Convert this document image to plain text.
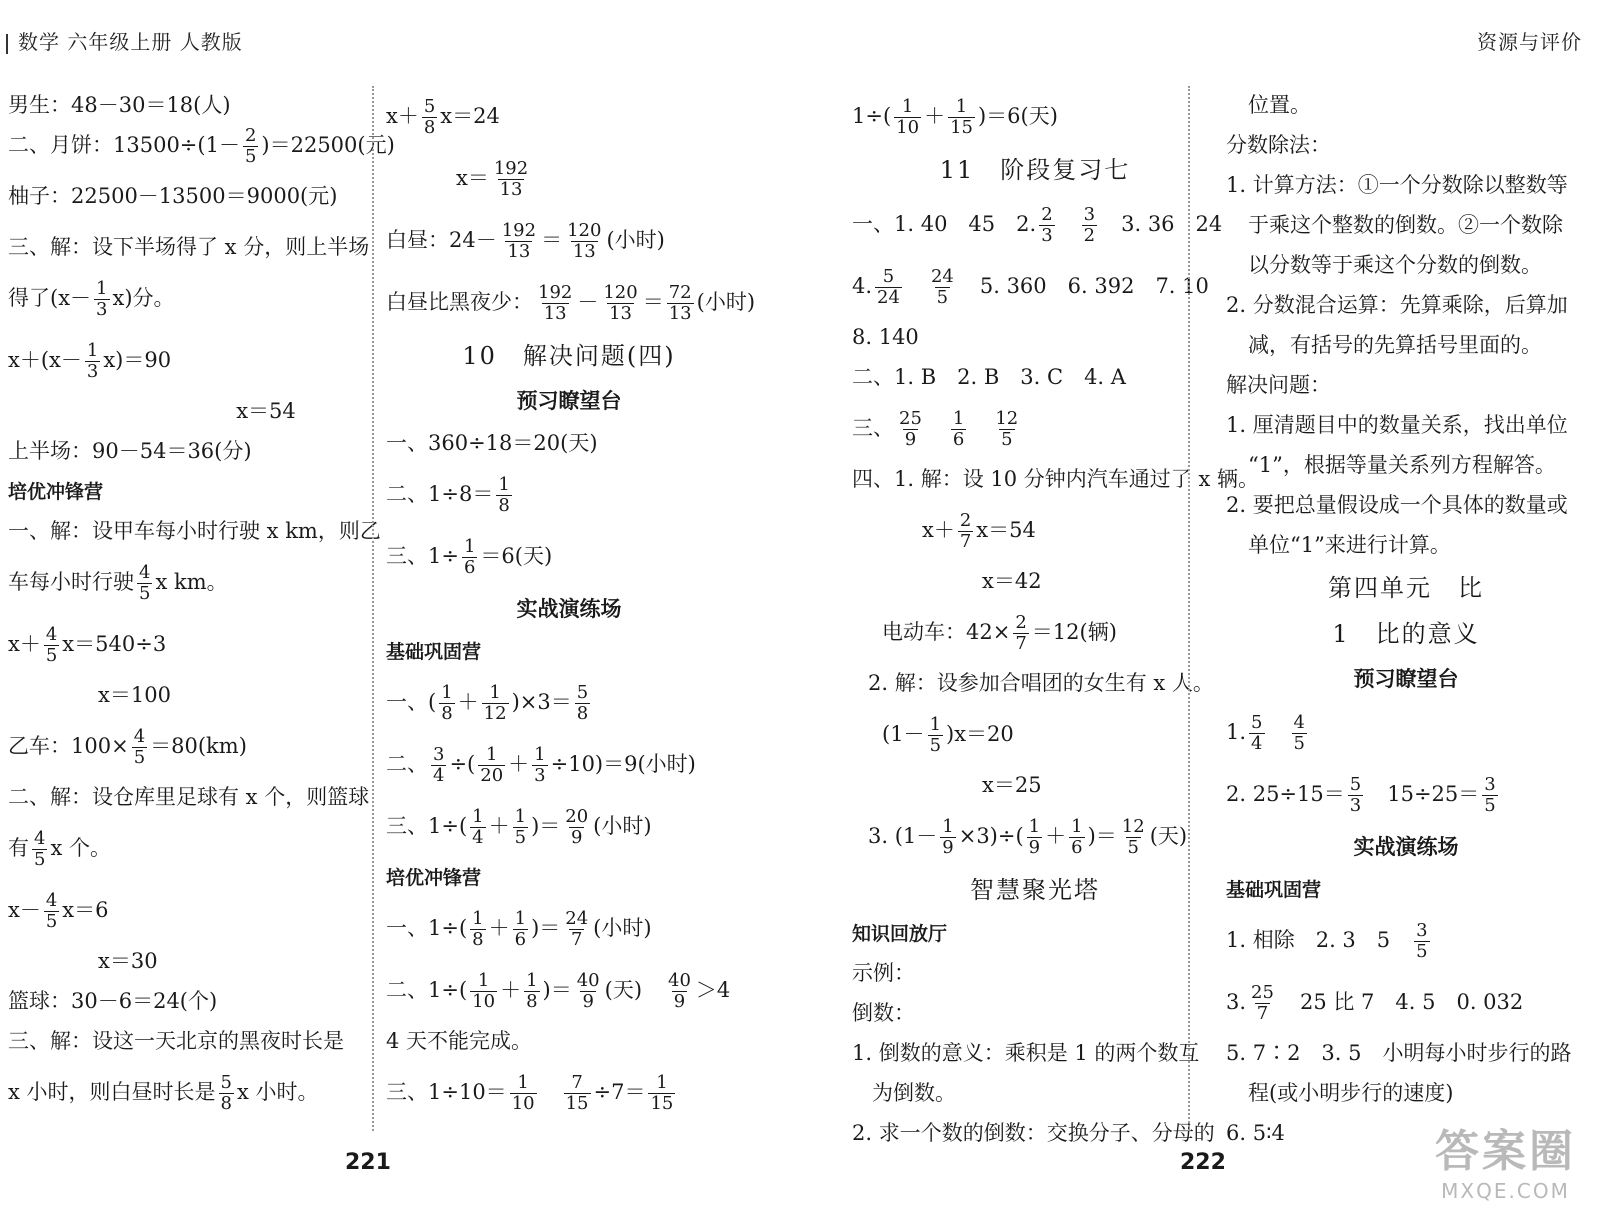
数学 六年级上册 人教版	资源与评价
男生：48－30＝18(人)
二、月饼：$13500\div(1- \frac{2}{5} )=22500$(元)
柚子：22500－13500＝9000(元)
三、解：设下半场得了 x 分，则上半场
得了$(x- \frac{1}{3} x)$分。
$x+(x- \frac{1}{3} x)=90$
x＝54
上半场：90－54＝36(分)
培优冲锋营
一、解：设甲车每小时行驶 x km，则乙
车每小时行驶 $\frac{4}{5}$ x km。
$x+ \frac{4}{5} x=540\div 3$
x＝100
乙车：$100\times \frac{4}{5} =80(km)$
二、解：设仓库里足球有 x 个，则篮球
有 $\frac{4}{5}$ x 个。
$x- \frac{4}{5} x=6$
x＝30
篮球：30－6＝24(个)
三、解：设这一天北京的黑夜时长是
x 小时，则白昼时长是 $\frac{5}{8}$ x 小时。
$x+ \frac{5}{8} x=24$
$x= \frac{192}{13}$
白昼：$24- \frac{192}{13} = \frac{120}{13}$ (小时)
白昼比黑夜少： $\frac{192}{13} - \frac{120}{13} = \frac{72}{13}$ (小时)
10　解决问题(四)
预习瞭望台
一、360÷18＝20(天)
二、$1\div 8= \frac{1}{8}$
三、$1\div \frac{1}{6} =6$(天)
实战演练场
基础巩固营
一、( $\frac{1}{8} + \frac{1}{12} )\times 3= \frac{5}{8}$
二、 $\frac{3}{4}$ ÷( $\frac{1}{20} + \frac{1}{3} \div 10)=9$(小时)
三、$1\div( \frac{1}{4} + \frac{1}{5}$ )＝ $\frac{20}{9}$ (小时)
培优冲锋营
一、$1\div( \frac{1}{8} + \frac{1}{6}$ )＝ $\frac{24}{7}$ (小时)
二、$1\div( \frac{1}{10} + \frac{1}{8}$ )＝ $\frac{40}{9}$ (天)　 $\frac{40}{9} >4$
4 天不能完成。
三、$1\div 10= \frac{1}{10}$
　 $\frac{7}{15} \div 7= \frac{1}{15}$
$1\div( \frac{1}{10} + \frac{1}{15} )=6$(天)
11　阶段复习七
一、1. 40　45　2. $\frac{2}{3}$
　 $\frac{3}{2}$ 　3. 36　24
4. $\frac{5}{24}$
　 $\frac{24}{5}$ 　5. 360　6. 392　7. 10
8. 140
二、1. B　2. B　3. C　4. A
三、 $\frac{25}{9}$
　 $\frac{1}{6}$
　 $\frac{12}{5}$
四、1. 解：设 10 分钟内汽车通过了 x 辆。
$x+ \frac{2}{7} x=54$
x＝42
电动车：$42\times \frac{2}{7} =12$(辆)
2. 解：设参加合唱团的女生有 x 人。
$(1- \frac{1}{5} )x=20$
x＝25
3. $(1- \frac{1}{9} \times 3)\div( \frac{1}{9} + \frac{1}{6}$ )＝ $\frac{12}{5}$ (天)
智慧聚光塔
知识回放厅
示例：
倒数：
1. 倒数的意义：乘积是 1 的两个数互
为倒数。
2. 求一个数的倒数：交换分子、分母的
位置。
分数除法：
1. 计算方法：①一个分数除以整数等
于乘这个整数的倒数。②一个数除
以分数等于乘这个分数的倒数。
2. 分数混合运算：先算乘除，后算加
减，有括号的先算括号里面的。
解决问题：
1. 厘清题目中的数量关系，找出单位
“1”，根据等量关系列方程解答。
2. 要把总量假设成一个具体的数量或
单位“1”来进行计算。
第四单元　比
1　比的意义
预习瞭望台
1. $\frac{5}{4}$
　 $\frac{4}{5}$
2. $25\div 15= \frac{5}{3}$ 　$15\div 25= \frac{3}{5}$
实战演练场
基础巩固营
1. 相除　2. 3　5　 $\frac{3}{5}$
3. $\frac{25}{7}$ 　25 比 7　4. 5　0. 032
5. 7∶2　3. 5　小明每小时步行的路
程(或小明步行的速度)
6. 5∶4
221	222	答案圈
MXQE.COM
